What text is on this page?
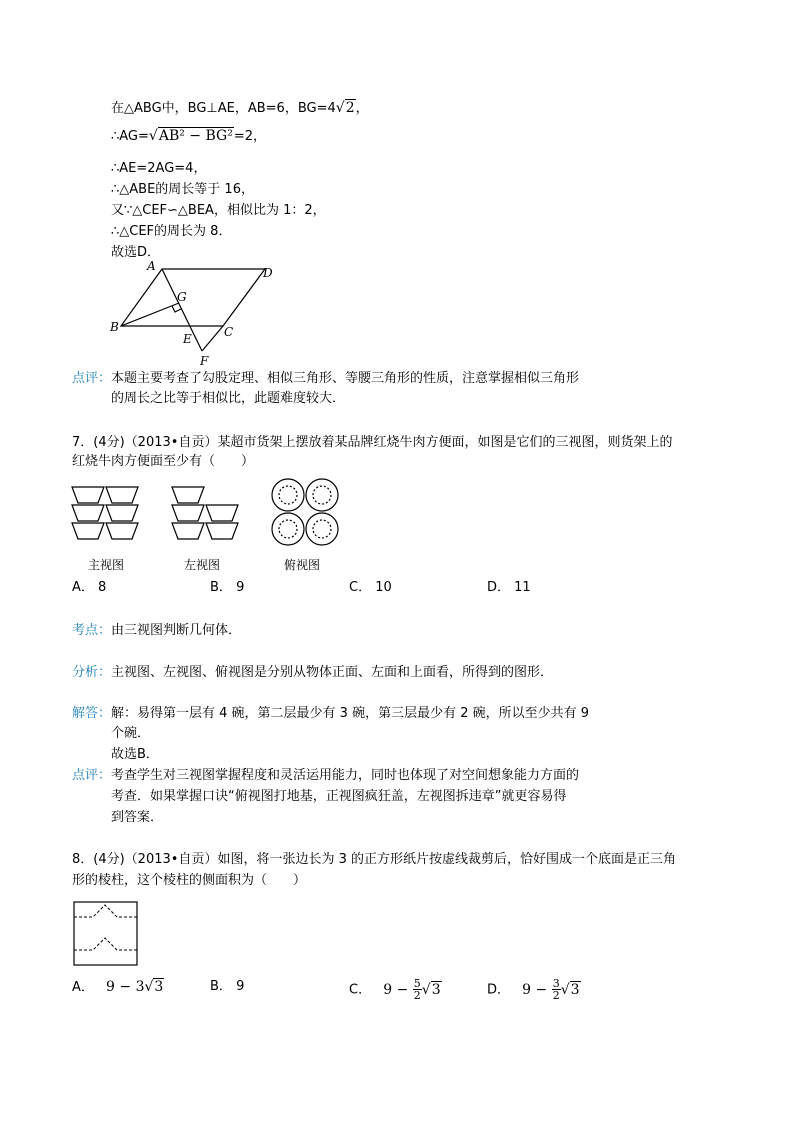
在△ABG中，BG⊥AE，AB=6，BG=4√2，
∴AG=√AB² − BG²=2，
∴AE=2AG=4，
∴△ABE的周长等于 16，
又∵△CEF∽△BEA，相似比为 1：2，
∴△CEF的周长为 8．
故选D．
A	D
G
B
E	C
F
点评：本题主要考查了勾股定理、相似三角形、等腰三角形的性质，注意掌握相似三角形
的周长之比等于相似比，此题难度较大．
7．(4分)（2013•自贡）某超市货架上摆放着某品牌红烧牛肉方便面，如图是它们的三视图，则货架上的
红烧牛肉方便面至少有（　　）
主视图	左视图	俯视图
A． 8	B． 9	C． 10	D． 11
考点：由三视图判断几何体．
分析：主视图、左视图、俯视图是分别从物体正面、左面和上面看，所得到的图形．
解答：解：易得第一层有 4 碗，第二层最少有 3 碗，第三层最少有 2 碗，所以至少共有 9
个碗．
故选B．
点评：考查学生对三视图掌握程度和灵活运用能力，同时也体现了对空间想象能力方面的
考查．如果掌握口诀“俯视图打地基，正视图疯狂盖，左视图拆违章”就更容易得
到答案．
8．(4分)（2013•自贡）如图，将一张边长为 3 的正方形纸片按虚线裁剪后，恰好围成一个底面是正三角
形的棱柱，这个棱柱的侧面积为（　　）
A． 9 − 3√3	B． 9	C． $9 - \frac{5}{2} √3$	D． $9 - \frac{3}{2} √3$
